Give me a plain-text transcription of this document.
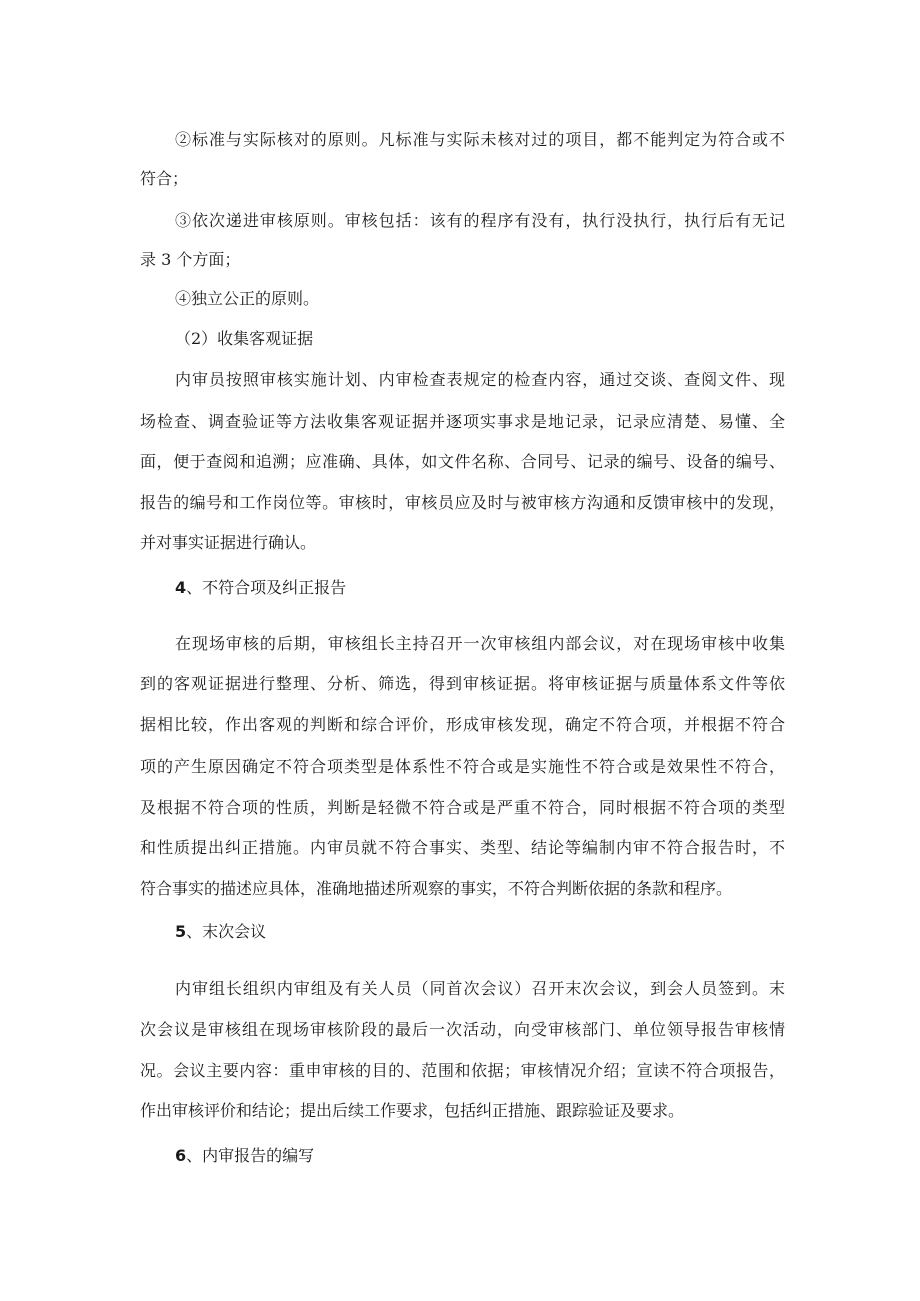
②标准与实际核对的原则。凡标准与实际未核对过的项目，都不能判定为符合或不
符合；
③依次递进审核原则。审核包括：该有的程序有没有，执行没执行，执行后有无记
录 3 个方面；
④独立公正的原则。
（2）收集客观证据
内审员按照审核实施计划、内审检查表规定的检查内容，通过交谈、查阅文件、现
场检查、调查验证等方法收集客观证据并逐项实事求是地记录，记录应清楚、易懂、全
面，便于查阅和追溯；应准确、具体，如文件名称、合同号、记录的编号、设备的编号、
报告的编号和工作岗位等。审核时，审核员应及时与被审核方沟通和反馈审核中的发现，
并对事实证据进行确认。
4、不符合项及纠正报告
在现场审核的后期，审核组长主持召开一次审核组内部会议，对在现场审核中收集
到的客观证据进行整理、分析、筛选，得到审核证据。将审核证据与质量体系文件等依
据相比较，作出客观的判断和综合评价，形成审核发现，确定不符合项，并根据不符合
项的产生原因确定不符合项类型是体系性不符合或是实施性不符合或是效果性不符合，
及根据不符合项的性质，判断是轻微不符合或是严重不符合，同时根据不符合项的类型
和性质提出纠正措施。内审员就不符合事实、类型、结论等编制内审不符合报告时，不
符合事实的描述应具体，准确地描述所观察的事实，不符合判断依据的条款和程序。
5、末次会议
内审组长组织内审组及有关人员（同首次会议）召开末次会议，到会人员签到。末
次会议是审核组在现场审核阶段的最后一次活动，向受审核部门、单位领导报告审核情
况。会议主要内容：重申审核的目的、范围和依据；审核情况介绍；宣读不符合项报告，
作出审核评价和结论；提出后续工作要求，包括纠正措施、跟踪验证及要求。
6、内审报告的编写
